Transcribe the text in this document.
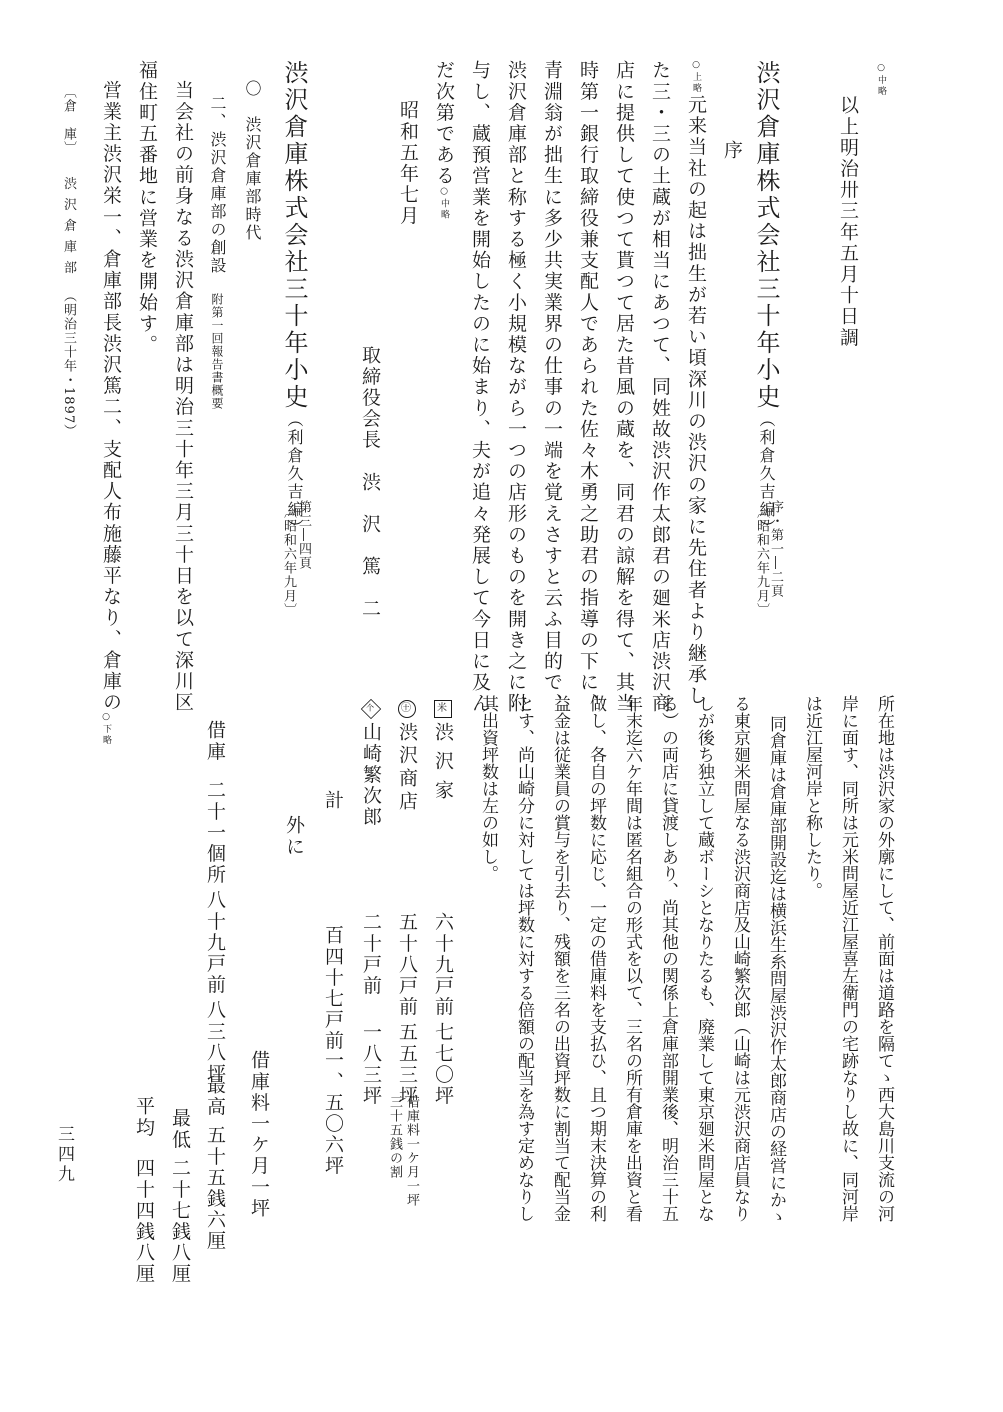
○中略
以上明治卅三年五月十日調
渋沢倉庫株式会社三十年小史（利倉久吉編）
序・第一―二頁
〔昭和六年九月〕
序
○上略元来当社の起は拙生が若い頃深川の渋沢の家に先住者より継承し
た三・三の土蔵が相当にあつて、同姓故渋沢作太郎君の廻米店渋沢商
店に提供して使つて貰つて居た昔風の蔵を、同君の諒解を得て、其当
時第一銀行取締役兼支配人であられた佐々木勇之助君の指導の下に、
青淵翁が拙生に多少共実業界の仕事の一端を覚えさすと云ふ目的で、
渋沢倉庫部と称する極く小規模ながら一つの店形のものを開き之に附
与し、蔵預営業を開始したのに始まり、夫が追々発展して今日に及ん
だ次第である○中略
昭和五年七月
取締役会長　渋　沢　篤　二
渋沢倉庫株式会社三十年小史（利倉久吉編）
第三―四頁
〔昭和六年九月〕
〇　渋沢倉庫部時代
二、渋沢倉庫部の創設　附第一回報告書概要
当会社の前身なる渋沢倉庫部は明治三十年三月三十日を以て深川区
福住町五番地に営業を開始す。
営業主渋沢栄一、倉庫部長渋沢篤二、支配人布施藤平なり、倉庫の
〔倉　庫〕　　渋沢倉庫部　（明治三十年・1897）
所在地は渋沢家の外廓にして、前面は道路を隔てゝ西大島川支流の河
岸に面す、同所は元米問屋近江屋喜左衛門の宅跡なりし故に、同河岸
は近江屋河岸と称したり。
同倉庫は倉庫部開設迄は横浜生糸問屋渋沢作太郎商店の経営にかゝ
る東京廻米問屋なる渋沢商店及山崎繁次郎（山崎は元渋沢商店員なり
しが後ち独立して蔵ボーシとなりたるも、廃業して東京廻米問屋とな
る）の両店に貸渡しあり、尚其他の関係上倉庫部開業後、明治三十五
年末迄六ケ年間は匿名組合の形式を以て、三名の所有倉庫を出資と看
做し、各自の坪数に応じ、一定の借庫料を支払ひ、且つ期末決算の利
益金は従業員の賞与を引去り、残額を三名の出資坪数に割当て配当金
とす、尚山崎分に対しては坪数に対する倍額の配当を為す定めなりし
其出資坪数は左の如し。
米渋沢家六十九戸前七七〇坪
㊉渋沢商店五十八戸前五五三坪
个山崎繁次郎二十戸前一八三坪
計百四十七戸前一、五〇六坪	借庫料一ケ月一坪
三十五銭の割
外に
借庫料一ケ月一坪
借庫二十一個所八十九戸前八三八坪最高五十五銭六厘
最低二十七銭八厘
平均四十四銭八厘
○下略
三四九
